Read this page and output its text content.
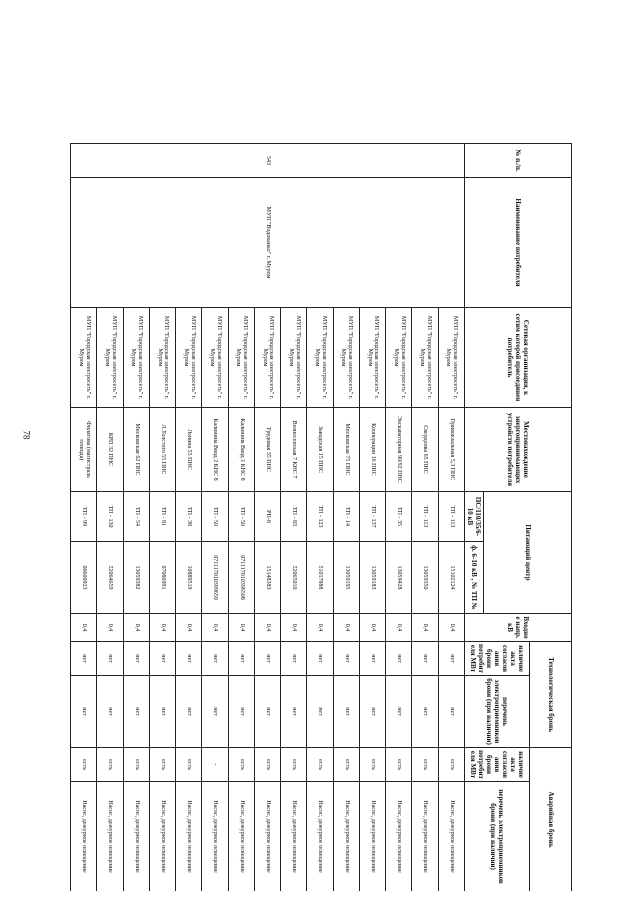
78
№ п./п.	Наименование потребителя	Сетевая организация, к сетям которой присоединен потребитель	Местонахождение энергопринимающих устройств потребителя	Питающий центр		Входное напр. кВ	Технологическая бронь		Аварийная бронь	
							наличие акта согласования брони потребителя МВт	перечень электроприемников брони (при наличии)	наличие акта согласования брони потребителя МВт	перечень электроприемников брони (при наличии)
				ПС/110/35/6-10 кВ	ф. 6-10 кВ , № ТП №					
543	МУП "Водоканал" г. Муром	МУП "Городская электросеть" г. Муром	Привокзальная 5,3 ПНС	ТП - 113	15102124	0,4	нет	нет	есть	Насос, дежурное освещение
		МУП "Городская электросеть" г. Муром	Свердлова 65 ПНС	ТП - 113	13059350	0,4	нет	нет	есть	Насос, дежурное освещение
		МУП "Городская электросеть" г. Муром	Экскаваторная 90/92 ПНС	ТП - 35	13059428	0,4	нет	нет	есть	Насос, дежурное освещение
		МУП "Городская электросеть" г. Муром	Кооперации 16 ПНС	ТП - 137	13059183	0,4	нет	нет	есть	Насос, дежурное освещение
		МУП "Городская электросеть" г. Муром	Московская 75 ПНС	ТП - 14	13059195	0,4	нет	нет	есть	Насос, дежурное освещение
		МУП "Городская электросеть" г. Муром	Заводская 15 ПНС	ТП - 123	51017888	0,4	нет	нет	есть	Насос, дежурное освещение
		МУП "Городская электросеть" г. Муром	Вознесенская 7 КНС 7	ТП - 83	52065010	0,4	нет	нет	есть	Насос, дежурное освещение
		МУП "Городская электросеть" г. Муром	Трудовая 35 ПНС	РП-8	15148383	0,4	нет	нет	есть	Насос, дежурное освещение
		МУП "Городская электросеть" г. Муром	Калинина Ввод 1 КНС 8	ТП - 50	071117010396508	0,4	нет	нет	есть	Насос, дежурное освещение
		МУП "Городская электросеть" г. Муром	Калинина Ввод 2 КНС 8	ТП - 50	071117010399659	0,4	нет	нет	-	Насос, дежурное освещение
		МУП "Городская электросеть" г. Муром	Ленина 55 ПНС	ТП - 38	10889519	0,4	нет	нет	есть	Насос, дежурное освещение
		МУП "Городская электросеть" г. Муром	Л.Толстого 55 ПНС	ТП - 81	07086991	0,4	нет	нет	есть	Насос, дежурное освещение
		МУП "Городская электросеть" г. Муром	Московская 62 ПНС	ТП - 54	13059382	0,4	нет	нет	есть	Насос, дежурное освещение
		МУП "Городская электросеть" г. Муром	КРП 32 ПНС	ТП - 130	52064659	0,4	нет	нет	есть	Насос, дежурное освещение
		МУП "Городская электросеть" г. Муром	Филатова (магистраль техвода)	ТП - 99	00600923	0,4	нет	нет	есть	Насос, дежурное освещение
